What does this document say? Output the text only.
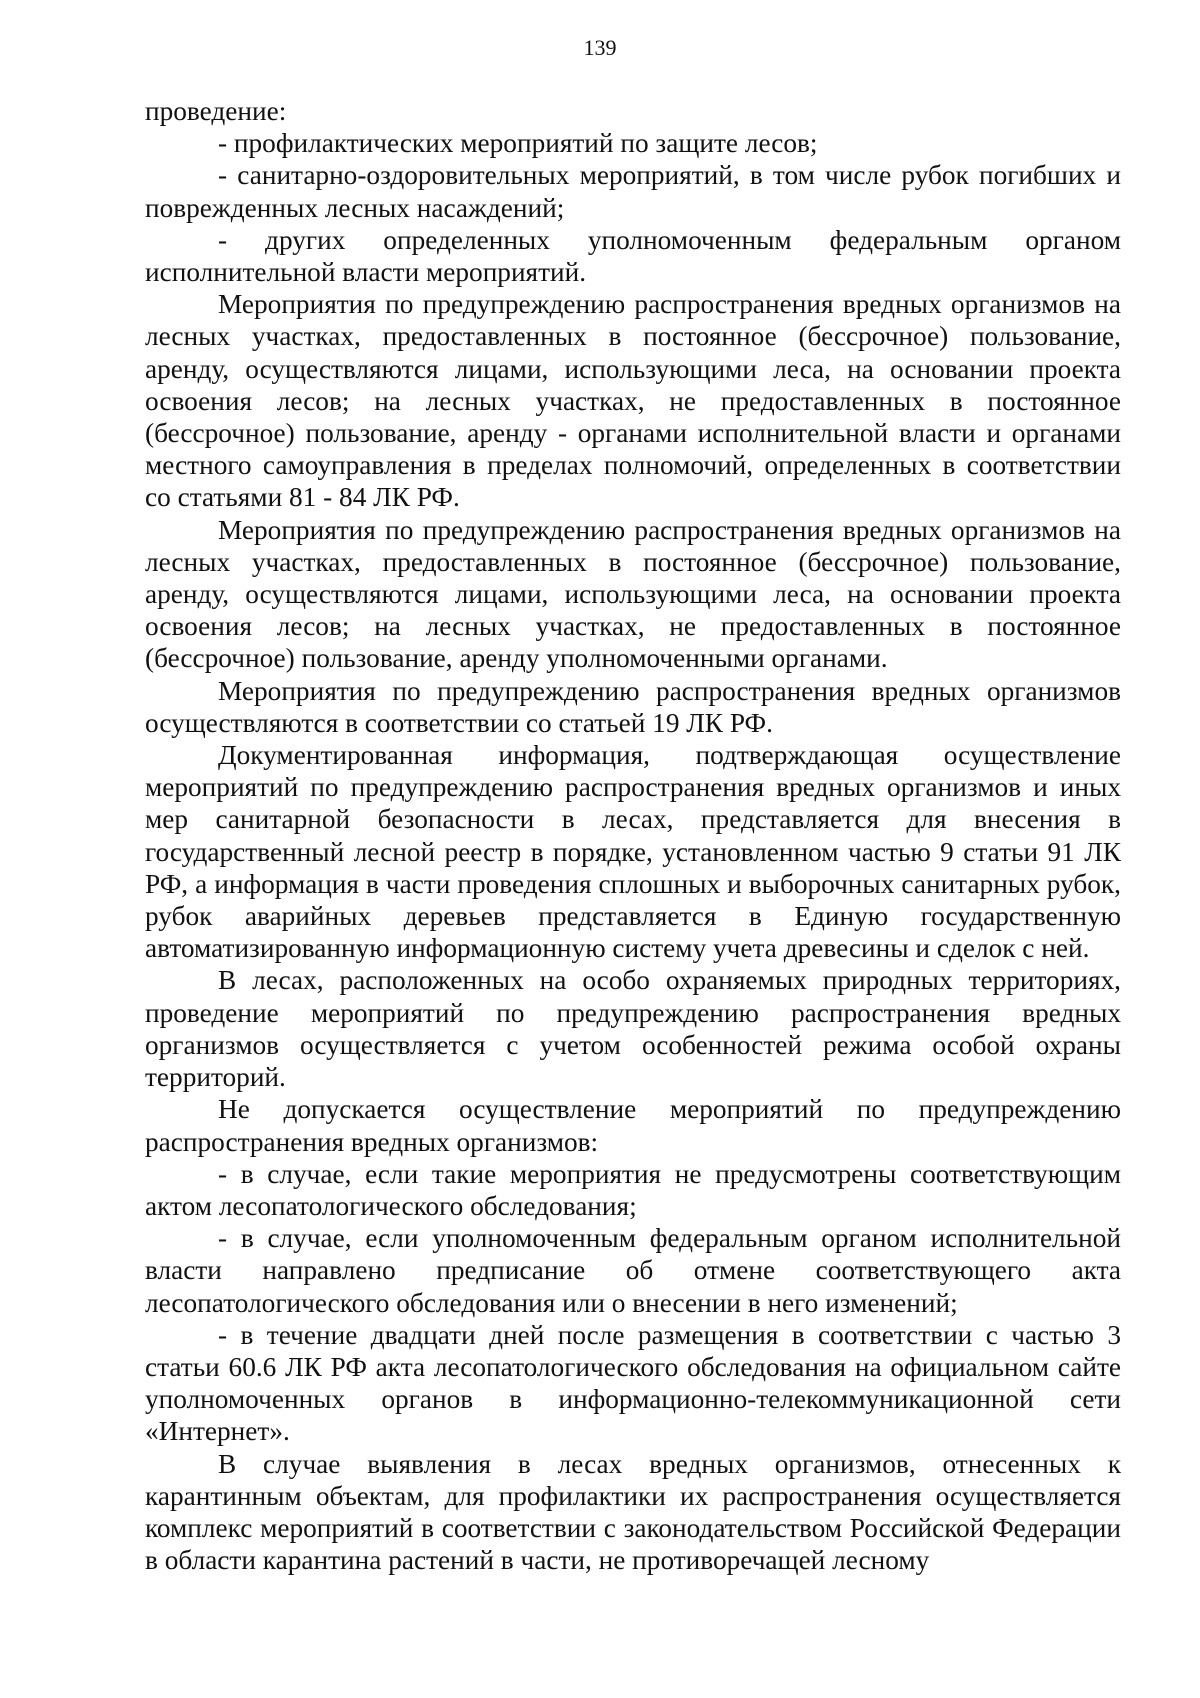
139

проведение:

- профилактических мероприятий по защите лесов;

- санитарно-оздоровительных мероприятий, в том числе рубок погибших и поврежденных лесных насаждений;

- других определенных уполномоченным федеральным органом исполнительной власти мероприятий.

Мероприятия по предупреждению распространения вредных организмов на лесных участках, предоставленных в постоянное (бессрочное) пользование, аренду, осуществляются лицами, использующими леса, на основании проекта освоения лесов; на лесных участках, не предоставленных в постоянное (бессрочное) пользование, аренду - органами исполнительной власти и органами местного самоуправления в пределах полномочий, определенных в соответствии со статьями 81 - 84 ЛК РФ.

Мероприятия по предупреждению распространения вредных организмов на лесных участках, предоставленных в постоянное (бессрочное) пользование, аренду, осуществляются лицами, использующими леса, на основании проекта освоения лесов; на лесных участках, не предоставленных в постоянное (бессрочное) пользование, аренду уполномоченными органами.

Мероприятия по предупреждению распространения вредных организмов осуществляются в соответствии со статьей 19 ЛК РФ.

Документированная информация, подтверждающая осуществление мероприятий по предупреждению распространения вредных организмов и иных мер санитарной безопасности в лесах, представляется для внесения в государственный лесной реестр в порядке, установленном частью 9 статьи 91 ЛК РФ, а информация в части проведения сплошных и выборочных санитарных рубок, рубок аварийных деревьев представляется в Единую государственную автоматизированную информационную систему учета древесины и сделок с ней.

В лесах, расположенных на особо охраняемых природных территориях, проведение мероприятий по предупреждению распространения вредных организмов осуществляется с учетом особенностей режима особой охраны территорий.

Не допускается осуществление мероприятий по предупреждению распространения вредных организмов:

- в случае, если такие мероприятия не предусмотрены соответствующим актом лесопатологического обследования;

- в случае, если уполномоченным федеральным органом исполнительной власти направлено предписание об отмене соответствующего акта лесопатологического обследования или о внесении в него изменений;

- в течение двадцати дней после размещения в соответствии с частью 3 статьи 60.6 ЛК РФ акта лесопатологического обследования на официальном сайте уполномоченных органов в информационно-телекоммуникационной сети «Интернет».

В случае выявления в лесах вредных организмов, отнесенных к карантинным объектам, для профилактики их распространения осуществляется комплекс мероприятий в соответствии с законодательством Российской Федерации в области карантина растений в части, не противоречащей лесному
